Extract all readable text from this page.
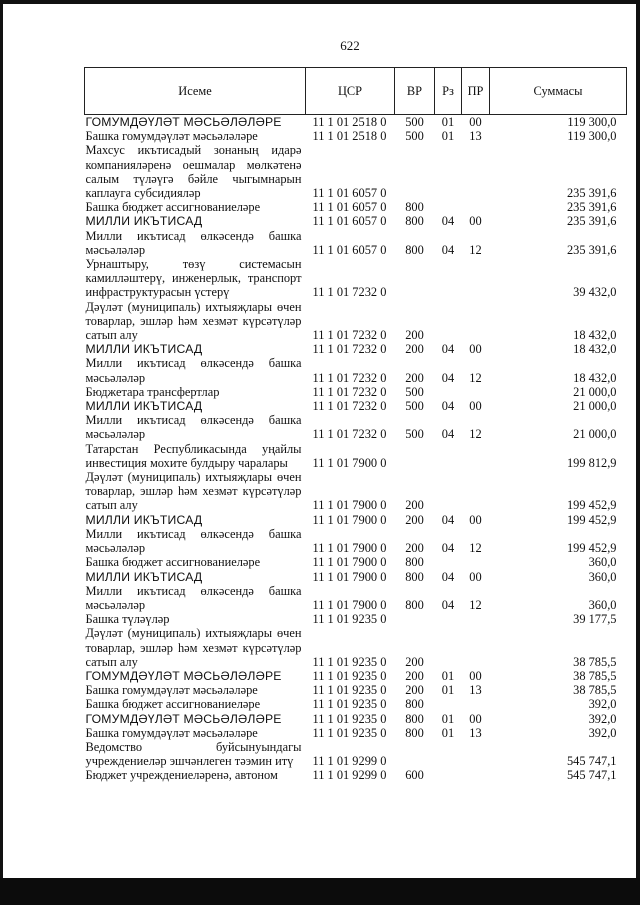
622
Исеме	ЦСР	ВР	Рз	ПР	Суммасы
ГОМУМДӘҮЛӘТ МӘСЬӘЛӘЛӘРЕ	11 1 01 2518 0	500	01	00	119 300,0
Башка гомумдәүләт мәсьәләләре	11 1 01 2518 0	500	01	13	119 300,0
Махсус икътисадый зонаның идарә компанияләренә оешмалар мөлкәтенә салым түләүгә бәйле чыгымнарын каплауга субсидияләр	11 1 01 6057 0				235 391,6
Башка бюджет ассигнованиеләре	11 1 01 6057 0	800			235 391,6
МИЛЛИ ИКЪТИСАД	11 1 01 6057 0	800	04	00	235 391,6
Милли икътисад өлкәсендә башка мәсьәләләр	11 1 01 6057 0	800	04	12	235 391,6
Урнаштыру, төзү системасын камилләштерү, инженерлык, транспорт инфраструктурасын үстерү	11 1 01 7232 0				39 432,0
Дәүләт (муниципаль) ихтыяҗлары өчен товарлар, эшләр һәм хезмәт күрсәтүләр сатып алу	11 1 01 7232 0	200			18 432,0
МИЛЛИ ИКЪТИСАД	11 1 01 7232 0	200	04	00	18 432,0
Милли икътисад өлкәсендә башка мәсьәләләр	11 1 01 7232 0	200	04	12	18 432,0
Бюджетара трансфертлар	11 1 01 7232 0	500			21 000,0
МИЛЛИ ИКЪТИСАД	11 1 01 7232 0	500	04	00	21 000,0
Милли икътисад өлкәсендә башка мәсьәләләр	11 1 01 7232 0	500	04	12	21 000,0
Татарстан Республикасында уңайлы инвестиция мохите булдыру чаралары	11 1 01 7900 0				199 812,9
Дәүләт (муниципаль) ихтыяҗлары өчен товарлар, эшләр һәм хезмәт күрсәтүләр сатып алу	11 1 01 7900 0	200			199 452,9
МИЛЛИ ИКЪТИСАД	11 1 01 7900 0	200	04	00	199 452,9
Милли икътисад өлкәсендә башка мәсьәләләр	11 1 01 7900 0	200	04	12	199 452,9
Башка бюджет ассигнованиеләре	11 1 01 7900 0	800			360,0
МИЛЛИ ИКЪТИСАД	11 1 01 7900 0	800	04	00	360,0
Милли икътисад өлкәсендә башка мәсьәләләр	11 1 01 7900 0	800	04	12	360,0
Башка түләүләр	11 1 01 9235 0				39 177,5
Дәүләт (муниципаль) ихтыяҗлары өчен товарлар, эшләр һәм хезмәт күрсәтүләр сатып алу	11 1 01 9235 0	200			38 785,5
ГОМУМДӘҮЛӘТ МӘСЬӘЛӘЛӘРЕ	11 1 01 9235 0	200	01	00	38 785,5
Башка гомумдәүләт мәсьәләләре	11 1 01 9235 0	200	01	13	38 785,5
Башка бюджет ассигнованиеләре	11 1 01 9235 0	800			392,0
ГОМУМДӘҮЛӘТ МӘСЬӘЛӘЛӘРЕ	11 1 01 9235 0	800	01	00	392,0
Башка гомумдәүләт мәсьәләләре	11 1 01 9235 0	800	01	13	392,0
Ведомство буйсынуындагы учреждениеләр эшчәнлеген тәэмин итү	11 1 01 9299 0				545 747,1
Бюджет учреждениеләренә, автоном	11 1 01 9299 0	600			545 747,1
